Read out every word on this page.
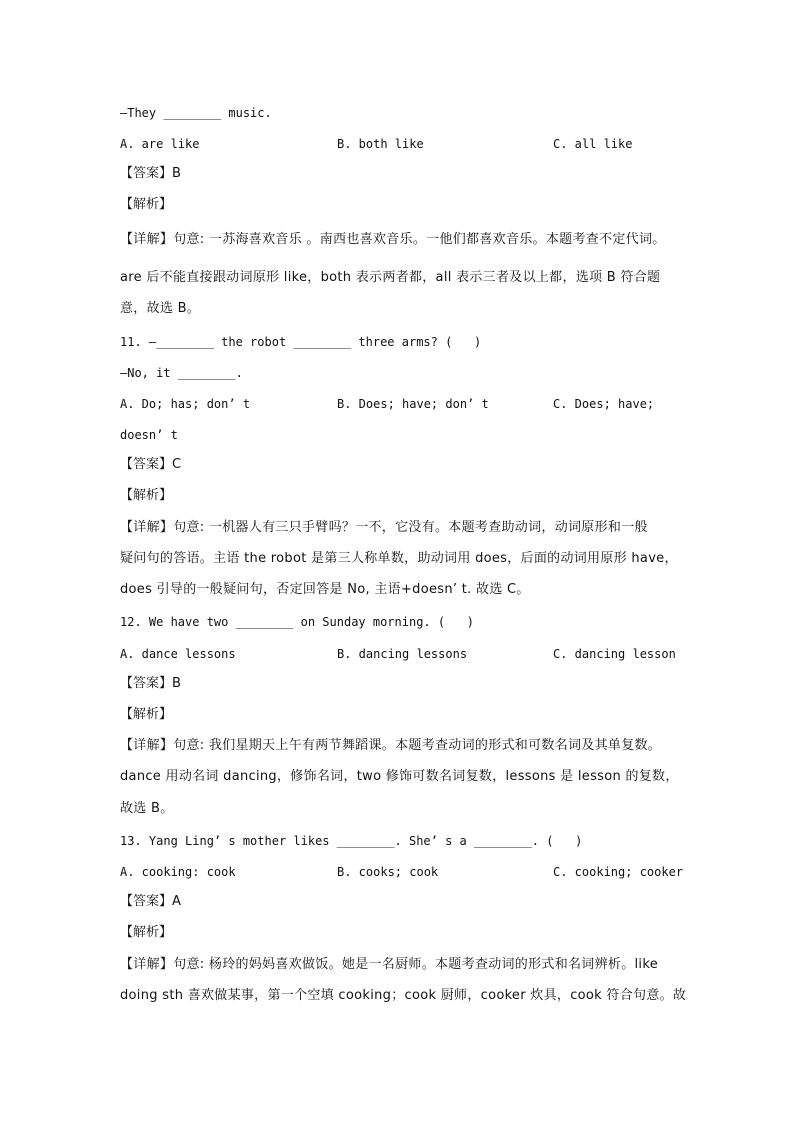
—They ________ music.
A. are like	B. both like	C. all like
【答案】B
【解析】
【详解】句意: 一苏海喜欢音乐 。南西也喜欢音乐。一他们都喜欢音乐。本题考查不定代词。
are 后不能直接跟动词原形 like，both 表示两者都，all 表示三者及以上都，选项 B 符合题
意，故选 B。
11. —________ the robot ________ three arms? (   )
—No, it ________.
A. Do; has; don’ t	B. Does; have; don’ t	C. Does; have;
doesn’ t
【答案】C
【解析】
【详解】句意: 一机器人有三只手臂吗？一不，它没有。本题考查助动词，动词原形和一般
疑问句的答语。主语 the robot 是第三人称单数，助动词用 does，后面的动词用原形 have，
does 引导的一般疑问句，否定回答是 No, 主语+doesn’ t. 故选 C。
12. We have two ________ on Sunday morning. (   )
A. dance lessons	B. dancing lessons	C. dancing lesson
【答案】B
【解析】
【详解】句意: 我们星期天上午有两节舞蹈课。本题考查动词的形式和可数名词及其单复数。
dance 用动名词 dancing，修饰名词，two 修饰可数名词复数，lessons 是 lesson 的复数，
故选 B。
13. Yang Ling’ s mother likes ________. She’ s a ________. (   )
A. cooking: cook	B. cooks; cook	C. cooking; cooker
【答案】A
【解析】
【详解】句意: 杨玲的妈妈喜欢做饭。她是一名厨师。本题考查动词的形式和名词辨析。like
doing sth 喜欢做某事，第一个空填 cooking；cook 厨师，cooker 炊具，cook 符合句意。故
